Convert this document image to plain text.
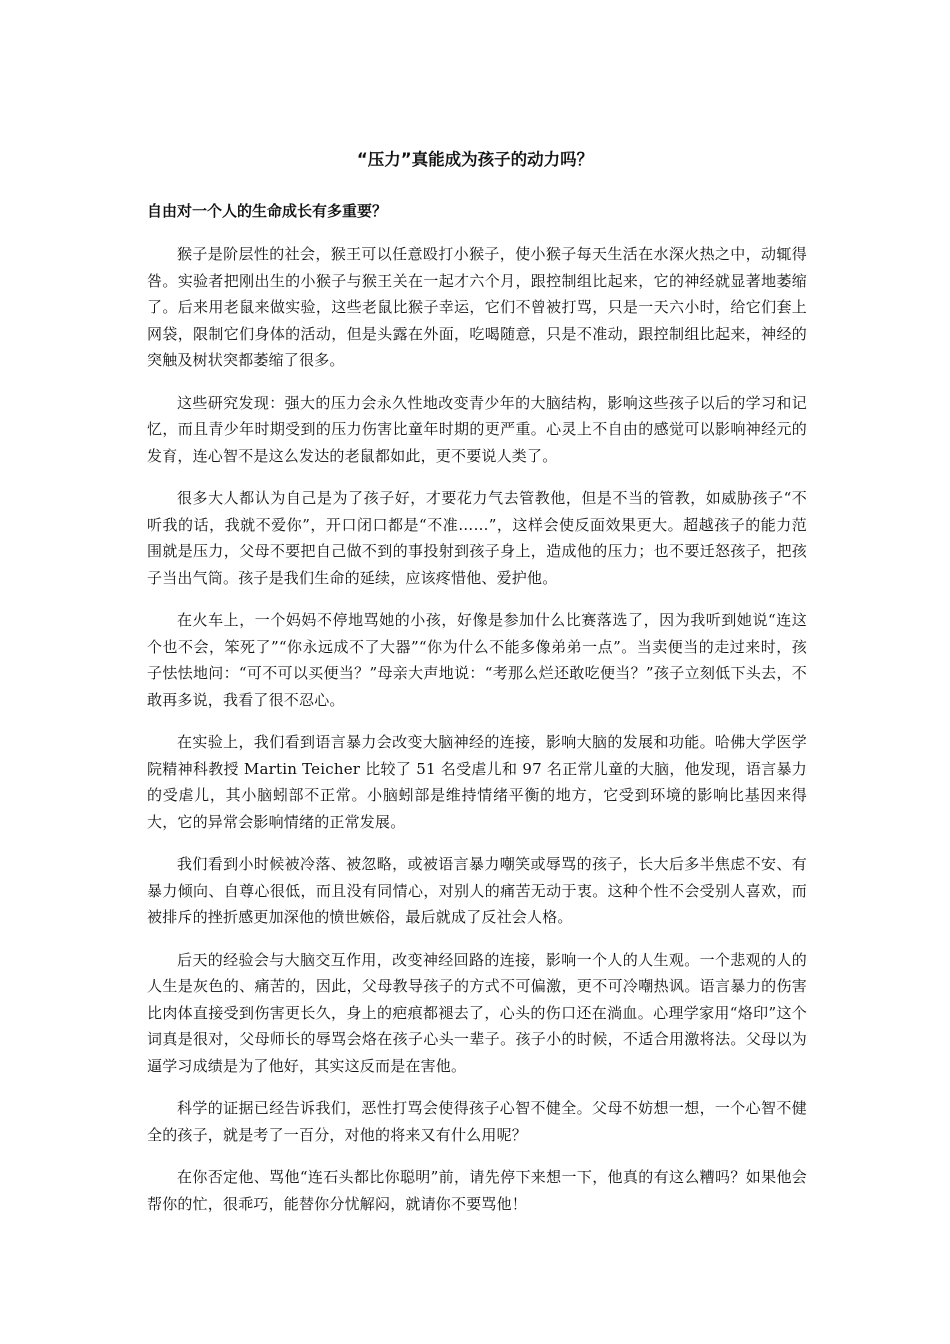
“压力”真能成为孩子的动力吗？
自由对一个人的生命成长有多重要？

猴子是阶层性的社会，猴王可以任意殴打小猴子，使小猴子每天生活在水深火热之中，动辄得咎。实验者把刚出生的小猴子与猴王关在一起才六个月，跟控制组比起来，它的神经就显著地萎缩了。后来用老鼠来做实验，这些老鼠比猴子幸运，它们不曾被打骂，只是一天六小时，给它们套上网袋，限制它们身体的活动，但是头露在外面，吃喝随意，只是不准动，跟控制组比起来，神经的突触及树状突都萎缩了很多。

这些研究发现：强大的压力会永久性地改变青少年的大脑结构，影响这些孩子以后的学习和记忆，而且青少年时期受到的压力伤害比童年时期的更严重。心灵上不自由的感觉可以影响神经元的发育，连心智不是这么发达的老鼠都如此，更不要说人类了。

很多大人都认为自己是为了孩子好，才要花力气去管教他，但是不当的管教，如威胁孩子“不听我的话，我就不爱你”，开口闭口都是“不准……”，这样会使反面效果更大。超越孩子的能力范围就是压力，父母不要把自己做不到的事投射到孩子身上，造成他的压力；也不要迁怒孩子，把孩子当出气筒。孩子是我们生命的延续，应该疼惜他、爱护他。

在火车上，一个妈妈不停地骂她的小孩，好像是参加什么比赛落选了，因为我听到她说“连这个也不会，笨死了”“你永远成不了大器”“你为什么不能多像弟弟一点”。当卖便当的走过来时，孩子怯怯地问：“可不可以买便当？”母亲大声地说：“考那么烂还敢吃便当？”孩子立刻低下头去，不敢再多说，我看了很不忍心。

在实验上，我们看到语言暴力会改变大脑神经的连接，影响大脑的发展和功能。哈佛大学医学院精神科教授 Martin Teicher 比较了 51 名受虐儿和 97 名正常儿童的大脑，他发现，语言暴力的受虐儿，其小脑蚓部不正常。小脑蚓部是维持情绪平衡的地方，它受到环境的影响比基因来得大，它的异常会影响情绪的正常发展。

我们看到小时候被冷落、被忽略，或被语言暴力嘲笑或辱骂的孩子，长大后多半焦虑不安、有暴力倾向、自尊心很低，而且没有同情心，对别人的痛苦无动于衷。这种个性不会受别人喜欢，而被排斥的挫折感更加深他的愤世嫉俗，最后就成了反社会人格。

后天的经验会与大脑交互作用，改变神经回路的连接，影响一个人的人生观。一个悲观的人的人生是灰色的、痛苦的，因此，父母教导孩子的方式不可偏激，更不可冷嘲热讽。语言暴力的伤害比肉体直接受到伤害更长久，身上的疤痕都褪去了，心头的伤口还在淌血。心理学家用“烙印”这个词真是很对，父母师长的辱骂会烙在孩子心头一辈子。孩子小的时候，不适合用激将法。父母以为逼学习成绩是为了他好，其实这反而是在害他。

科学的证据已经告诉我们，恶性打骂会使得孩子心智不健全。父母不妨想一想，一个心智不健全的孩子，就是考了一百分，对他的将来又有什么用呢？

在你否定他、骂他“连石头都比你聪明”前，请先停下来想一下，他真的有这么糟吗？如果他会帮你的忙，很乖巧，能替你分忧解闷，就请你不要骂他！
